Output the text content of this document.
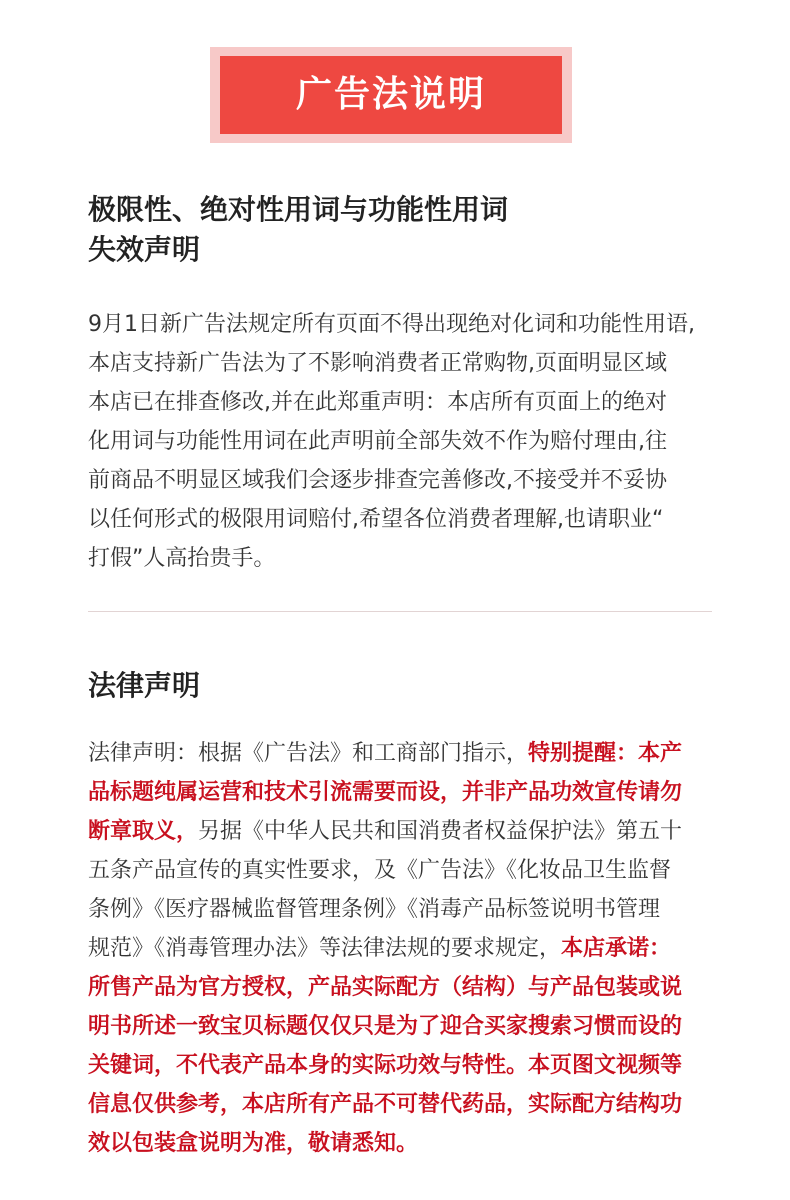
广告法说明
极限性、绝对性用词与功能性用词
失效声明

9月1日新广告法规定所有页面不得出现绝对化词和功能性用语,
本店支持新广告法为了不影响消费者正常购物,页面明显区域
本店已在排查修改,并在此郑重声明：本店所有页面上的绝对
化用词与功能性用词在此声明前全部失效不作为赔付理由,往
前商品不明显区域我们会逐步排查完善修改,不接受并不妥协
以任何形式的极限用词赔付,希望各位消费者理解,也请职业“
打假”人高抬贵手。

法律声明

法律声明：根据《广告法》和工商部门指示，特别提醒：本产
品标题纯属运营和技术引流需要而设，并非产品功效宣传请勿
断章取义，另据《中华人民共和国消费者权益保护法》第五十
五条产品宣传的真实性要求，及《广告法》《化妆品卫生监督
条例》《医疗器械监督管理条例》《消毒产品标签说明书管理
规范》《消毒管理办法》等法律法规的要求规定，本店承诺：
所售产品为官方授权，产品实际配方（结构）与产品包装或说
明书所述一致宝贝标题仅仅只是为了迎合买家搜索习惯而设的
关键词，不代表产品本身的实际功效与特性。本页图文视频等
信息仅供参考，本店所有产品不可替代药品，实际配方结构功
效以包装盒说明为准，敬请悉知。
